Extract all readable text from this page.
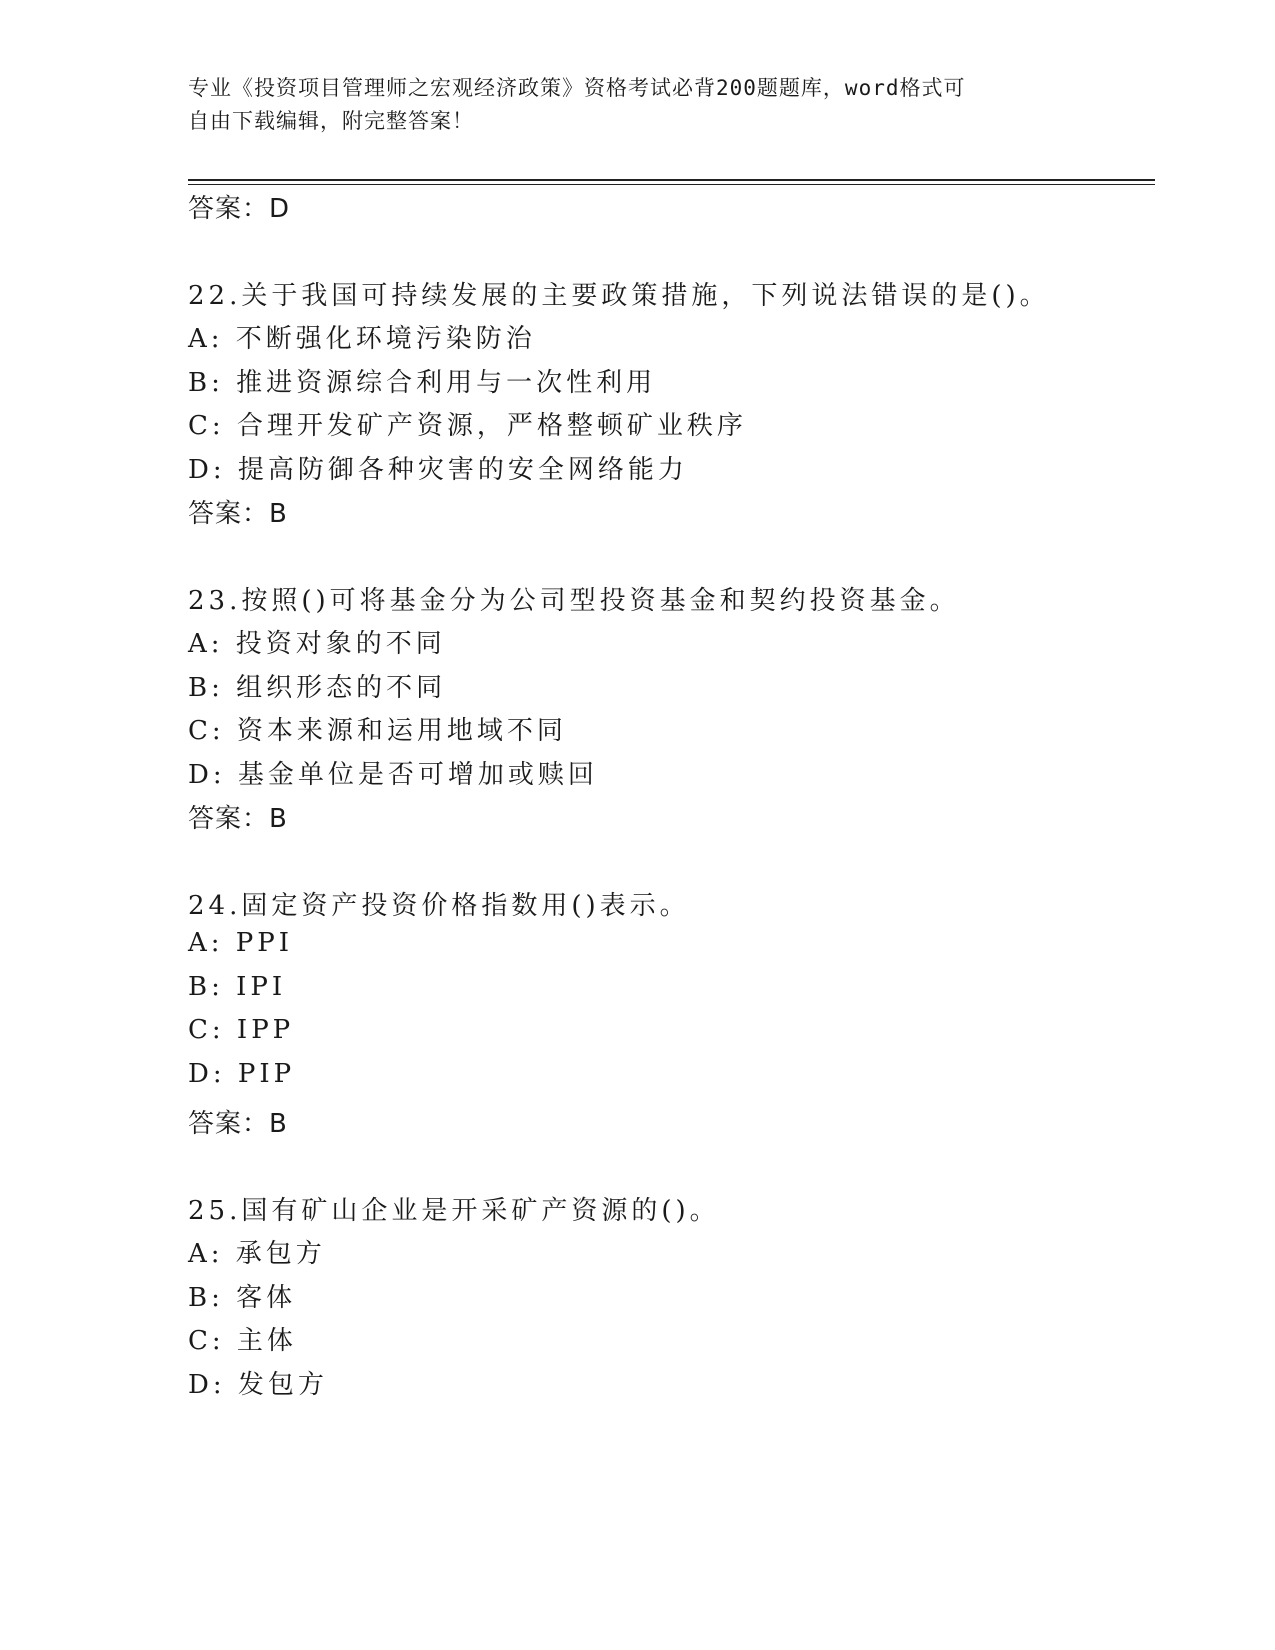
专业《投资项目管理师之宏观经济政策》资格考试必背200题题库，word格式可
自由下载编辑，附完整答案！
答案：D
22.关于我国可持续发展的主要政策措施，下列说法错误的是()。
A: 不断强化环境污染防治
B: 推进资源综合利用与一次性利用
C: 合理开发矿产资源，严格整顿矿业秩序
D: 提高防御各种灾害的安全网络能力
答案：B
23.按照()可将基金分为公司型投资基金和契约投资基金。
A: 投资对象的不同
B: 组织形态的不同
C: 资本来源和运用地域不同
D: 基金单位是否可增加或赎回
答案：B
24.固定资产投资价格指数用()表示。
A: PPI
B: IPI
C: IPP
D: PIP
答案：B
25.国有矿山企业是开采矿产资源的()。
A: 承包方
B: 客体
C: 主体
D: 发包方
